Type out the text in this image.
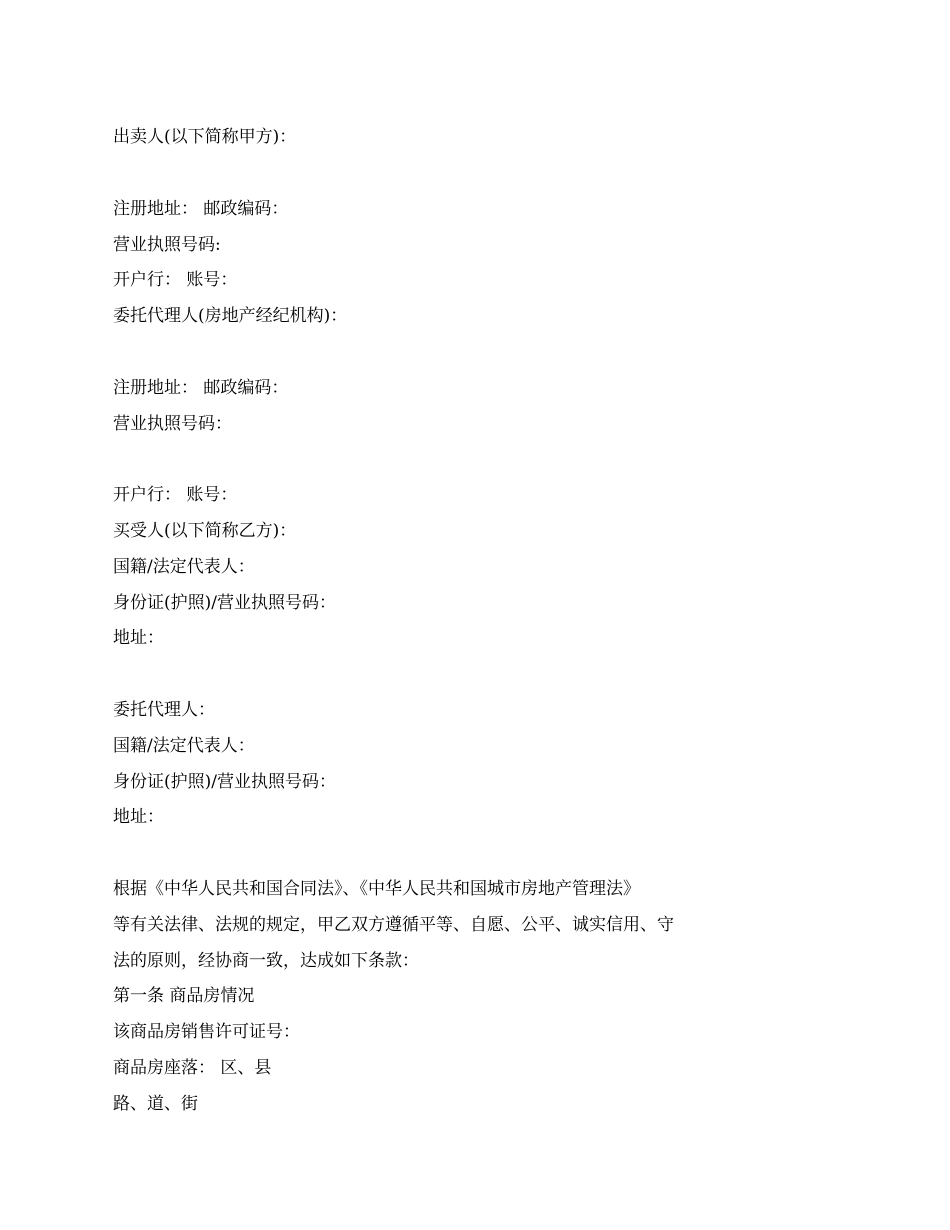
出卖人(以下简称甲方)：
注册地址： 邮政编码：
营业执照号码:
开户行： 账号：
委托代理人(房地产经纪机构)：
注册地址： 邮政编码：
营业执照号码：
开户行： 账号：
买受人(以下简称乙方)：
国籍/法定代表人：
身份证(护照)/营业执照号码：
地址：
委托代理人：
国籍/法定代表人：
身份证(护照)/营业执照号码：
地址：
根据《中华人民共和国合同法》、《中华人民共和国城市房地产管理法》
等有关法律、法规的规定，甲乙双方遵循平等、自愿、公平、诚实信用、守
法的原则，经协商一致，达成如下条款：
第一条 商品房情况
该商品房销售许可证号：
商品房座落： 区、县
路、道、街
